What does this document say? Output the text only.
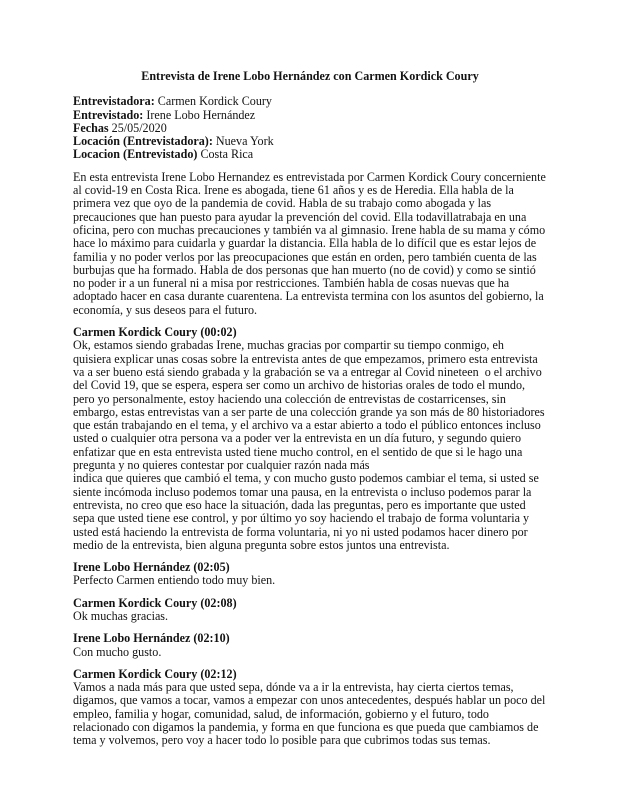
Entrevista de Irene Lobo Hernández con Carmen Kordick Coury
Entrevistadora: Carmen Kordick Coury
Entrevistado: Irene Lobo Hernández
Fechas 25/05/2020
Locación (Entrevistadora): Nueva York
Locacion (Entrevistado) Costa Rica
En esta entrevista Irene Lobo Hernandez es entrevistada por Carmen Kordick Coury concerniente al covid-19 en Costa Rica. Irene es abogada, tiene 61 años y es de Heredia. Ella habla de la primera vez que oyo de la pandemia de covid. Habla de su trabajo como abogada y las precauciones que han puesto para ayudar la prevención del covid. Ella todavillatrabaja en una oficina, pero con muchas precauciones y también va al gimnasio. Irene habla de su mama y cómo hace lo máximo para cuidarla y guardar la distancia. Ella habla de lo difícil que es estar lejos de familia y no poder verlos por las preocupaciones que están en orden, pero también cuenta de las burbujas que ha formado. Habla de dos personas que han muerto (no de covid) y como se sintió no poder ir a un funeral ni a misa por restricciones. También habla de cosas nuevas que ha adoptado hacer en casa durante cuarentena. La entrevista termina con los asuntos del gobierno, la economía, y sus deseos para el futuro.
Carmen Kordick Coury (00:02)
Ok, estamos siendo grabadas Irene, muchas gracias por compartir su tiempo conmigo, eh
quisiera explicar unas cosas sobre la entrevista antes de que empezamos, primero esta entrevista va a ser bueno está siendo grabada y la grabación se va a entregar al Covid nineteen  o el archivo del Covid 19, que se espera, espera ser como un archivo de historias orales de todo el mundo, pero yo personalmente, estoy haciendo una colección de entrevistas de costarricenses, sin embargo, estas entrevistas van a ser parte de una colección grande ya son más de 80 historiadores que están trabajando en el tema, y el archivo va a estar abierto a todo el público entonces incluso usted o cualquier otra persona va a poder ver la entrevista en un día futuro, y segundo quiero enfatizar que en esta entrevista usted tiene mucho control, en el sentido de que si le hago una pregunta y no quieres contestar por cualquier razón nada más
indica que quieres que cambió el tema, y con mucho gusto podemos cambiar el tema, si usted se siente incómoda incluso podemos tomar una pausa, en la entrevista o incluso podemos parar la entrevista, no creo que eso hace la situación, dada las preguntas, pero es importante que usted sepa que usted tiene ese control, y por último yo soy haciendo el trabajo de forma voluntaria y usted está haciendo la entrevista de forma voluntaria, ni yo ni usted podamos hacer dinero por medio de la entrevista, bien alguna pregunta sobre estos juntos una entrevista.
Irene Lobo Hernández (02:05)
Perfecto Carmen entiendo todo muy bien.
Carmen Kordick Coury (02:08)
Ok muchas gracias.
Irene Lobo Hernández (02:10)
Con mucho gusto.
Carmen Kordick Coury (02:12)
Vamos a nada más para que usted sepa, dónde va a ir la entrevista, hay cierta ciertos temas, digamos, que vamos a tocar, vamos a empezar con unos antecedentes, después hablar un poco del empleo, familia y hogar, comunidad, salud, de información, gobierno y el futuro, todo relacionado con digamos la pandemia, y forma en que funciona es que pueda que cambiamos de tema y volvemos, pero voy a hacer todo lo posible para que cubrimos todas sus temas.
